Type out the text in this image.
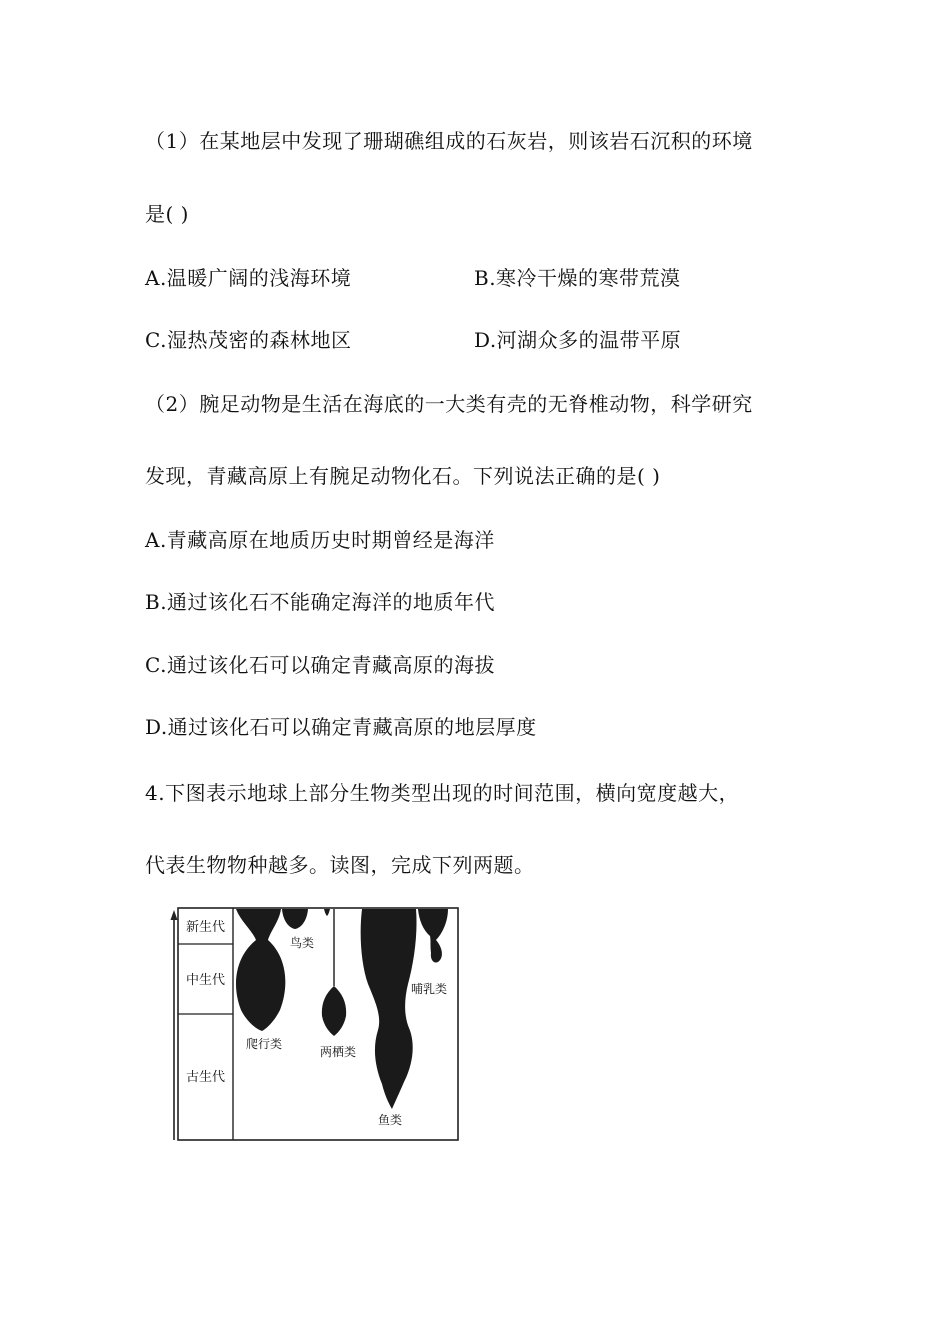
（1）在某地层中发现了珊瑚礁组成的石灰岩，则该岩石沉积的环境
是( )
A.温暖广阔的浅海环境	B.寒冷干燥的寒带荒漠
C.湿热茂密的森林地区	D.河湖众多的温带平原
（2）腕足动物是生活在海底的一大类有壳的无脊椎动物，科学研究
发现，青藏高原上有腕足动物化石。下列说法正确的是( )
A.青藏高原在地质历史时期曾经是海洋
B.通过该化石不能确定海洋的地质年代
C.通过该化石可以确定青藏高原的海拔
D.通过该化石可以确定青藏高原的地层厚度
4.下图表示地球上部分生物类型出现的时间范围，横向宽度越大，
代表生物物种越多。读图，完成下列两题。
新生代
中生代
古生代
鸟类
哺乳类
爬行类
两栖类
鱼类
